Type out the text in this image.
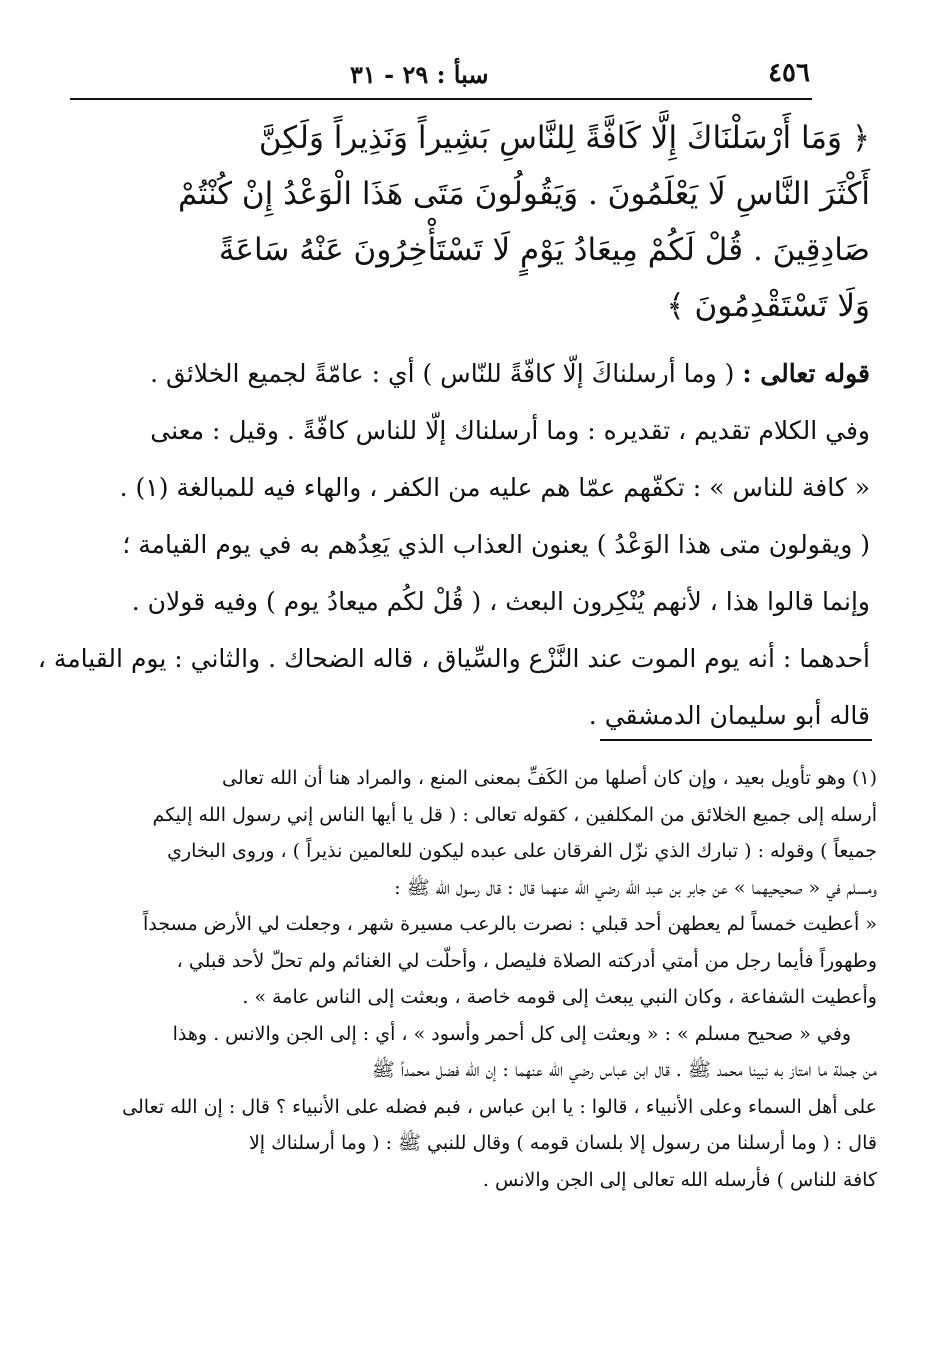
٤٥٦
سبأ : ٢٩ - ٣١
﴿ وَمَا أَرْسَلْنَاكَ إِلَّا كَافَّةً لِلنَّاسِ بَشِيراً وَنَذِيراً وَلَكِنَّ
أَكْثَرَ النَّاسِ لَا يَعْلَمُونَ . وَيَقُولُونَ مَتَى هَذَا الْوَعْدُ إِنْ كُنْتُمْ
صَادِقِينَ . قُلْ لَكُمْ مِيعَادُ يَوْمٍ لَا تَسْتَأْخِرُونَ عَنْهُ سَاعَةً
وَلَا تَسْتَقْدِمُونَ ﴾

قوله تعالى : ( وما أرسلناكَ إلّا كافّةً للنّاس ) أي : عامّةً لجميع الخلائق .

وفي الكلام تقديم ، تقديره : وما أرسلناك إلّا للناس كافّةً . وقيل : معنى

« كافة للناس » : تكفّهم عمّا هم عليه من الكفر ، والهاء فيه للمبالغة (١) .

( ويقولون متى هذا الوَعْدُ ) يعنون العذاب الذي يَعِدُهم به في يوم القيامة ؛

وإنما قالوا هذا ، لأنهم يُنْكِرون البعث ، ( قُلْ لكُم ميعادُ يوم ) وفيه قولان .

أحدهما : أنه يوم الموت عند النَّزْع والسِّياق ، قاله الضحاك . والثاني : يوم القيامة ،

قاله أبو سليمان الدمشقي .

(١) وهو تأويل بعيد ، وإن كان أصلها من الكَفِّ بمعنى المنع ، والمراد هنا أن الله تعالى

أرسله إلى جميع الخلائق من المكلفين ، كقوله تعالى : ( قل يا أيها الناس إني رسول الله إليكم

جميعاً ) وقوله : ( تبارك الذي نزّل الفرقان على عبده ليكون للعالمين نذيراً ) ، وروى البخاري

ومسلم في « صحيحيهما » عن جابر بن عبد الله رضي الله عنهما قال : قال رسول الله ﷺ :

« أعطيت خمساً لم يعطهن أحد قبلي : نصرت بالرعب مسيرة شهر ، وجعلت لي الأرض مسجداً

وطهوراً فأيما رجل من أمتي أدركته الصلاة فليصل ، وأحلّت لي الغنائم ولم تحلّ لأحد قبلي ،

وأعطيت الشفاعة ، وكان النبي يبعث إلى قومه خاصة ، وبعثت إلى الناس عامة » .

وفي « صحيح مسلم » : « وبعثت إلى كل أحمر وأسود » ، أي : إلى الجن والانس . وهذا

من جملة ما امتاز به نبينا محمد ﷺ . قال ابن عباس رضي الله عنهما : إن الله فضل محمداً ﷺ

على أهل السماء وعلى الأنبياء ، قالوا : يا ابن عباس ، فبم فضله على الأنبياء ؟ قال : إن الله تعالى

قال : ( وما أرسلنا من رسول إلا بلسان قومه ) وقال للنبي ﷺ : ( وما أرسلناك إلا

كافة للناس ) فأرسله الله تعالى إلى الجن والانس .
